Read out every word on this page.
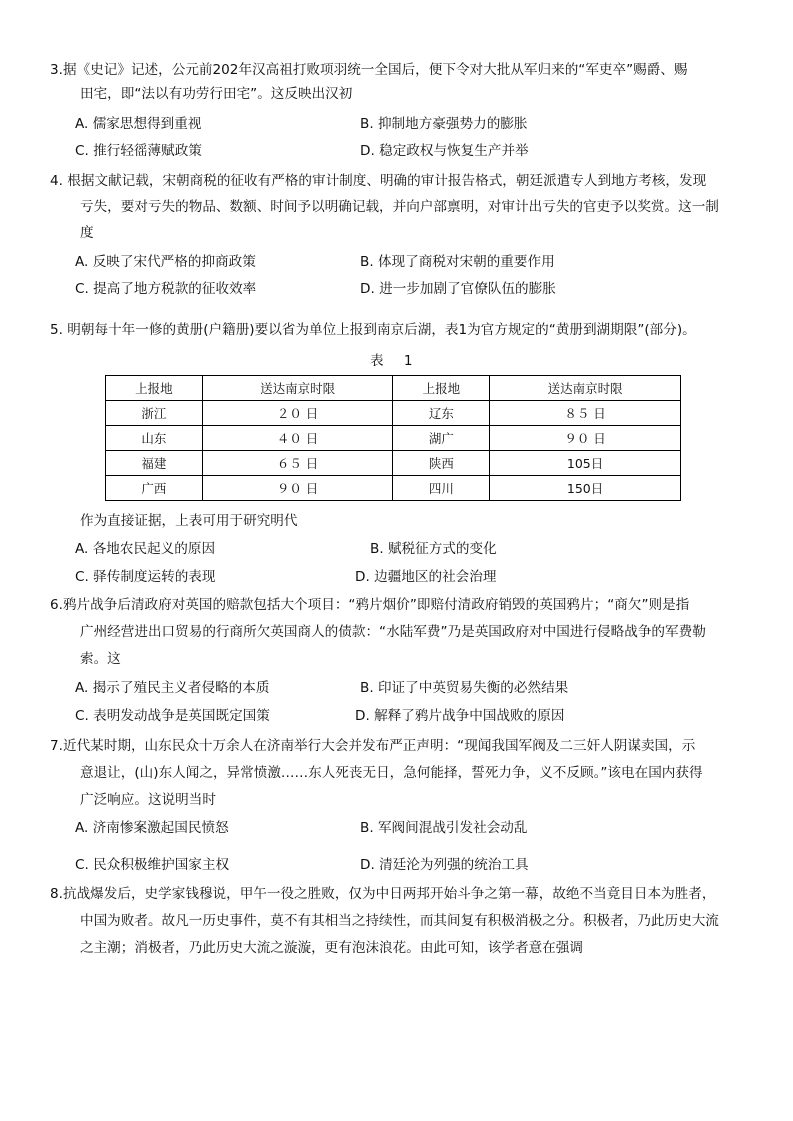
3.据《史记》记述，公元前202年汉高祖打败项羽统一全国后，便下令对大批从军归来的“军吏卒”赐爵、赐
田宅，即“法以有功劳行田宅”。这反映出汉初
A. 儒家思想得到重视	B. 抑制地方豪强势力的膨胀
C. 推行轻徭薄赋政策	D. 稳定政权与恢复生产并举
4. 根据文献记载，宋朝商税的征收有严格的审计制度、明确的审计报告格式，朝廷派遣专人到地方考核，发现
亏失，要对亏失的物品、数额、时间予以明确记载，并向户部禀明，对审计出亏失的官吏予以奖赏。这一制
度
A. 反映了宋代严格的抑商政策	B. 体现了商税对宋朝的重要作用
C. 提高了地方税款的征收效率	D. 进一步加剧了官僚队伍的膨胀
5. 明朝每十年一修的黄册(户籍册)要以省为单位上报到南京后湖，表1为官方规定的“黄册到湖期限”(部分)。
表 1
上报地	送达南京时限	上报地	送达南京时限
浙江	２０ 日	辽东	８５ 日
山东	４０ 日	湖广	９０ 日
福建	６５ 日	陕西	105日
广西	９０ 日	四川	150日
作为直接证据，上表可用于研究明代
A. 各地农民起义的原因	B. 赋税征方式的变化
C. 驿传制度运转的表现	D. 边疆地区的社会治理
6.鸦片战争后清政府对英国的赔款包括大个项目：“鸦片烟价”即赔付清政府销毁的英国鸦片；“商欠”则是指
广州经营进出口贸易的行商所欠英国商人的债款：“水陆军费”乃是英国政府对中国进行侵略战争的军费勒
索。这
A. 揭示了殖民主义者侵略的本质	B. 印证了中英贸易失衡的必然结果
C. 表明发动战争是英国既定国策	D. 解释了鸦片战争中国战败的原因
7.近代某时期，山东民众十万余人在济南举行大会并发布严正声明：“现闻我国军阀及二三奸人阴谋卖国，示
意退让，(山)东人闻之，异常愤激……东人死丧无日，急何能择，誓死力争，义不反顾。”该电在国内获得
广泛响应。这说明当时
A. 济南惨案激起国民愤怒	B. 军阀间混战引发社会动乱
C. 民众积极维护国家主权	D. 清廷沦为列强的统治工具
8.抗战爆发后，史学家钱穆说，甲午一役之胜败，仅为中日两邦开始斗争之第一幕，故绝不当竟目日本为胜者，
中国为败者。故凡一历史事件，莫不有其相当之持续性，而其间复有积极消极之分。积极者，乃此历史大流
之主潮；消极者，乃此历史大流之漩漩，更有泡沫浪花。由此可知，该学者意在强调
